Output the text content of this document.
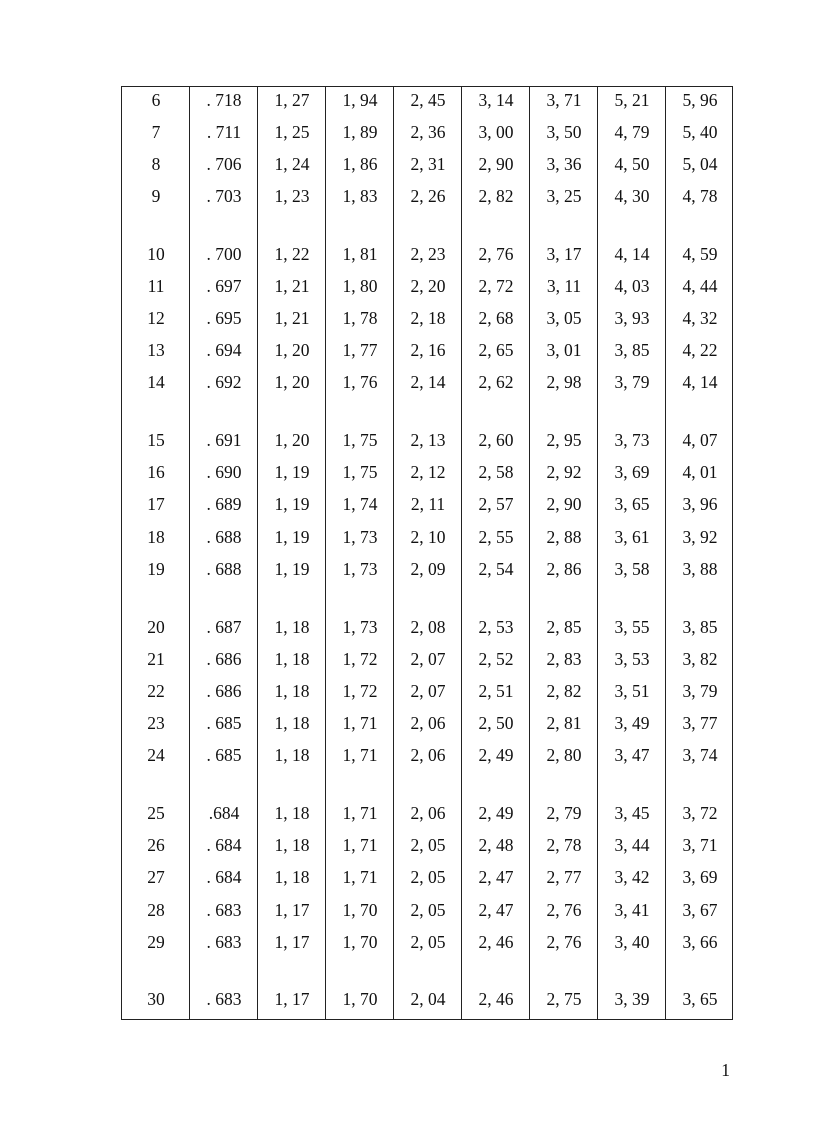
6	. 718	1, 27	1, 94	2, 45	3, 14	3, 71	5, 21	5, 96
7	. 711	1, 25	1, 89	2, 36	3, 00	3, 50	4, 79	5, 40
8	. 706	1, 24	1, 86	2, 31	2, 90	3, 36	4, 50	5, 04
9	. 703	1, 23	1, 83	2, 26	2, 82	3, 25	4, 30	4, 78
10	. 700	1, 22	1, 81	2, 23	2, 76	3, 17	4, 14	4, 59
11	. 697	1, 21	1, 80	2, 20	2, 72	3, 11	4, 03	4, 44
12	. 695	1, 21	1, 78	2, 18	2, 68	3, 05	3, 93	4, 32
13	. 694	1, 20	1, 77	2, 16	2, 65	3, 01	3, 85	4, 22
14	. 692	1, 20	1, 76	2, 14	2, 62	2, 98	3, 79	4, 14
15	. 691	1, 20	1, 75	2, 13	2, 60	2, 95	3, 73	4, 07
16	. 690	1, 19	1, 75	2, 12	2, 58	2, 92	3, 69	4, 01
17	. 689	1, 19	1, 74	2, 11	2, 57	2, 90	3, 65	3, 96
18	. 688	1, 19	1, 73	2, 10	2, 55	2, 88	3, 61	3, 92
19	. 688	1, 19	1, 73	2, 09	2, 54	2, 86	3, 58	3, 88
20	. 687	1, 18	1, 73	2, 08	2, 53	2, 85	3, 55	3, 85
21	. 686	1, 18	1, 72	2, 07	2, 52	2, 83	3, 53	3, 82
22	. 686	1, 18	1, 72	2, 07	2, 51	2, 82	3, 51	3, 79
23	. 685	1, 18	1, 71	2, 06	2, 50	2, 81	3, 49	3, 77
24	. 685	1, 18	1, 71	2, 06	2, 49	2, 80	3, 47	3, 74
25	.684	1, 18	1, 71	2, 06	2, 49	2, 79	3, 45	3, 72
26	. 684	1, 18	1, 71	2, 05	2, 48	2, 78	3, 44	3, 71
27	. 684	1, 18	1, 71	2, 05	2, 47	2, 77	3, 42	3, 69
28	. 683	1, 17	1, 70	2, 05	2, 47	2, 76	3, 41	3, 67
29	. 683	1, 17	1, 70	2, 05	2, 46	2, 76	3, 40	3, 66
30	. 683	1, 17	1, 70	2, 04	2, 46	2, 75	3, 39	3, 65
1
